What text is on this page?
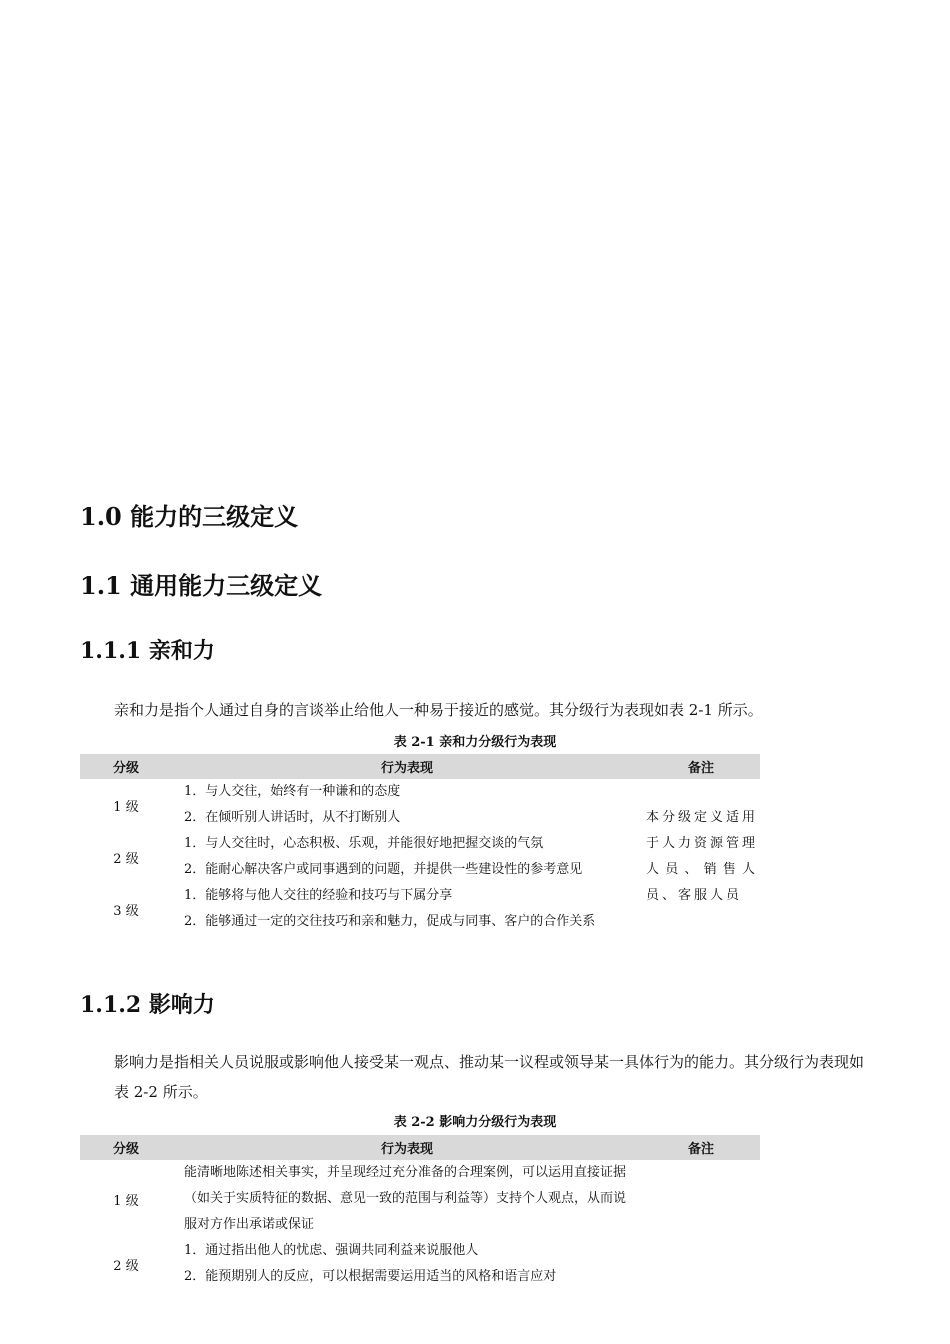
1.0 能力的三级定义
1.1 通用能力三级定义
1.1.1 亲和力
亲和力是指个人通过自身的言谈举止给他人一种易于接近的感觉。其分级行为表现如表 2-1 所示。
表 2-1 亲和力分级行为表现
分级	行为表现	备注
1 级	1．与人交往，始终有一种谦和的态度
2．在倾听别人讲话时，从不打断别人	本分级定义适用于人力资源管理人员、销售人员、客服人员
2 级	1．与人交往时，心态积极、乐观，并能很好地把握交谈的气氛
2．能耐心解决客户或同事遇到的问题，并提供一些建设性的参考意见	

3 级	1．能够将与他人交往的经验和技巧与下属分享
2．能够通过一定的交往技巧和亲和魅力，促成与同事、客户的合作关系	
1.1.2 影响力
影响力是指相关人员说服或影响他人接受某一观点、推动某一议程或领导某一具体行为的能力。其分级行为表现如表 2-2 所示。
表 2-2 影响力分级行为表现
分级	行为表现	备注
1 级	能清晰地陈述相关事实，并呈现经过充分准备的合理案例，可以运用直接证据（如关于实质特征的数据、意见一致的范围与利益等）支持个人观点，从而说服对方作出承诺或保证	

2 级	1．通过指出他人的忧虑、强调共同利益来说服他人
2．能预期别人的反应，可以根据需要运用适当的风格和语言应对	
